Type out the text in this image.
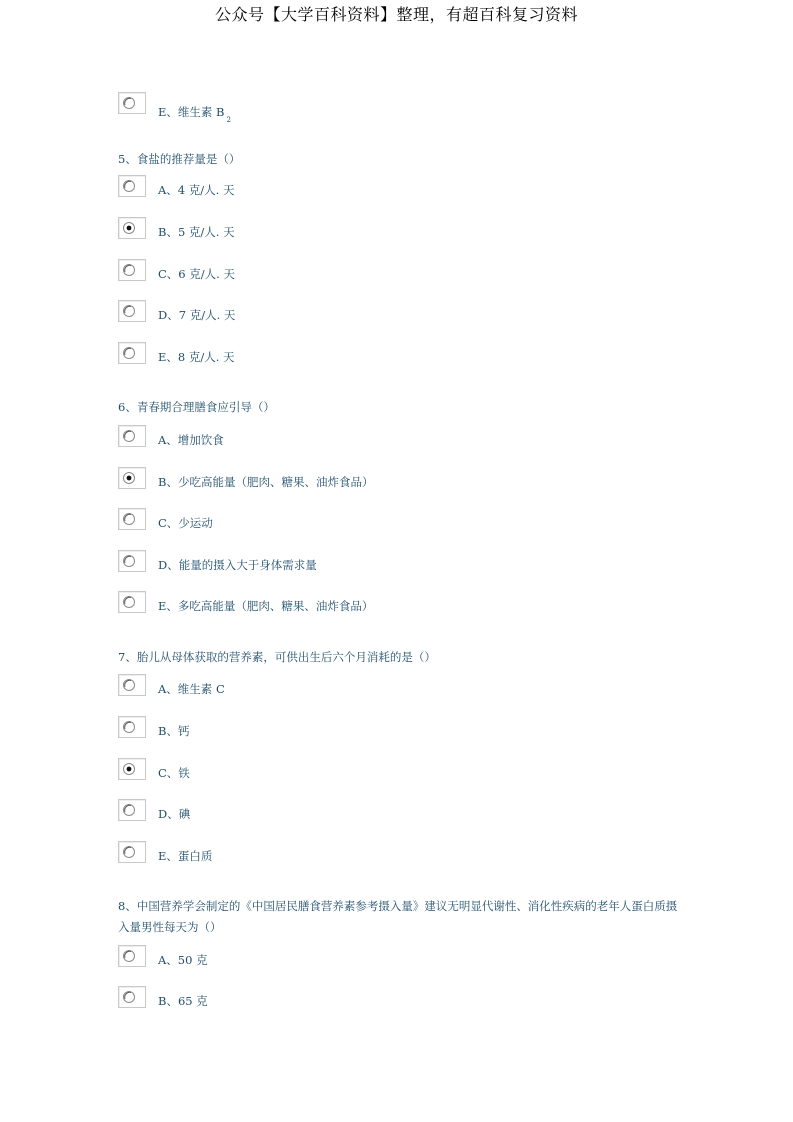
公众号【大学百科资料】整理，有超百科复习资料
E、维生素 $B_2$
5、食盐的推荐量是（）
A、4 克/人. 天
B、5 克/人. 天
C、6 克/人. 天
D、7 克/人. 天
E、8 克/人. 天
6、青春期合理膳食应引导（）
A、增加饮食
B、少吃高能量（肥肉、糖果、油炸食品）
C、少运动
D、能量的摄入大于身体需求量
E、多吃高能量（肥肉、糖果、油炸食品）
7、胎儿从母体获取的营养素，可供出生后六个月消耗的是（）
A、维生素 C
B、钙
C、铁
D、碘
E、蛋白质
8、中国营养学会制定的《中国居民膳食营养素参考摄入量》建议无明显代谢性、消化性疾病的老年人蛋白质摄入量男性每天为（）
A、50 克
B、65 克
